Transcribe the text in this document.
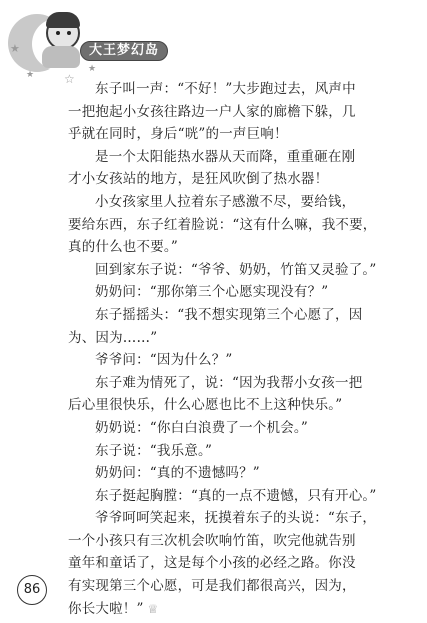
★
★ ☆
★
大王梦幻岛
东子叫一声：“不好！”大步跑过去，风声中
一把抱起小女孩往路边一户人家的廊檐下躲，几
乎就在同时，身后“咣”的一声巨响！
是一个太阳能热水器从天而降，重重砸在刚
才小女孩站的地方，是狂风吹倒了热水器！
小女孩家里人拉着东子感激不尽，要给钱，
要给东西，东子红着脸说：“这有什么嘛，我不要，
真的什么也不要。”
回到家东子说：“爷爷、奶奶，竹笛又灵验了。”
奶奶问：“那你第三个心愿实现没有？”
东子摇摇头：“我不想实现第三个心愿了，因
为、因为……”
爷爷问：“因为什么？”
东子难为情死了，说：“因为我帮小女孩一把
后心里很快乐，什么心愿也比不上这种快乐。”
奶奶说：“你白白浪费了一个机会。”
东子说：“我乐意。”
奶奶问：“真的不遗憾吗？”
东子挺起胸膛：“真的一点不遗憾，只有开心。”
爷爷呵呵笑起来，抚摸着东子的头说：“东子，
一个小孩只有三次机会吹响竹笛，吹完他就告别
童年和童话了，这是每个小孩的必经之路。你没
有实现第三个心愿，可是我们都很高兴，因为，
你长大啦！” ♕
86
